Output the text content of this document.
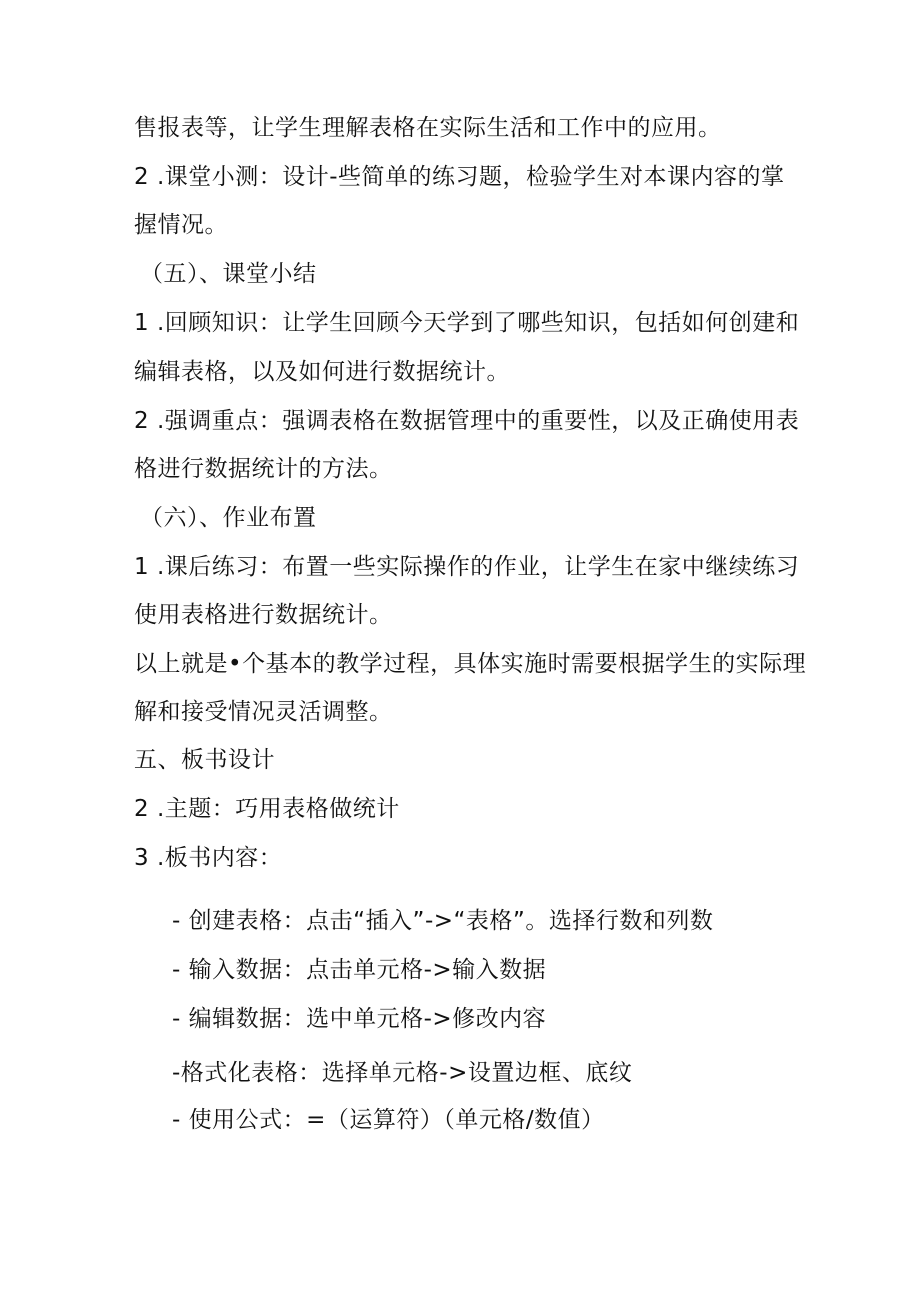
售报表等，让学生理解表格在实际生活和工作中的应用。
2 .课堂小测：设计-些简单的练习题，检验学生对本课内容的掌
握情况。
（五）、课堂小结
1 .回顾知识：让学生回顾今天学到了哪些知识，包括如何创建和
编辑表格，以及如何进行数据统计。
2 .强调重点：强调表格在数据管理中的重要性，以及正确使用表
格进行数据统计的方法。
（六）、作业布置
1 .课后练习：布置一些实际操作的作业，让学生在家中继续练习
使用表格进行数据统计。
以上就是•个基本的教学过程，具体实施时需要根据学生的实际理
解和接受情况灵活调整。
五、板书设计
2 .主题：巧用表格做统计
3 .板书内容：
- 创建表格：点击“插入”->“表格”。选择行数和列数
- 输入数据：点击单元格->输入数据
- 编辑数据：选中单元格->修改内容
-格式化表格：选择单元格->设置边框、底纹
- 使用公式：=（运算符）（单元格/数值）
